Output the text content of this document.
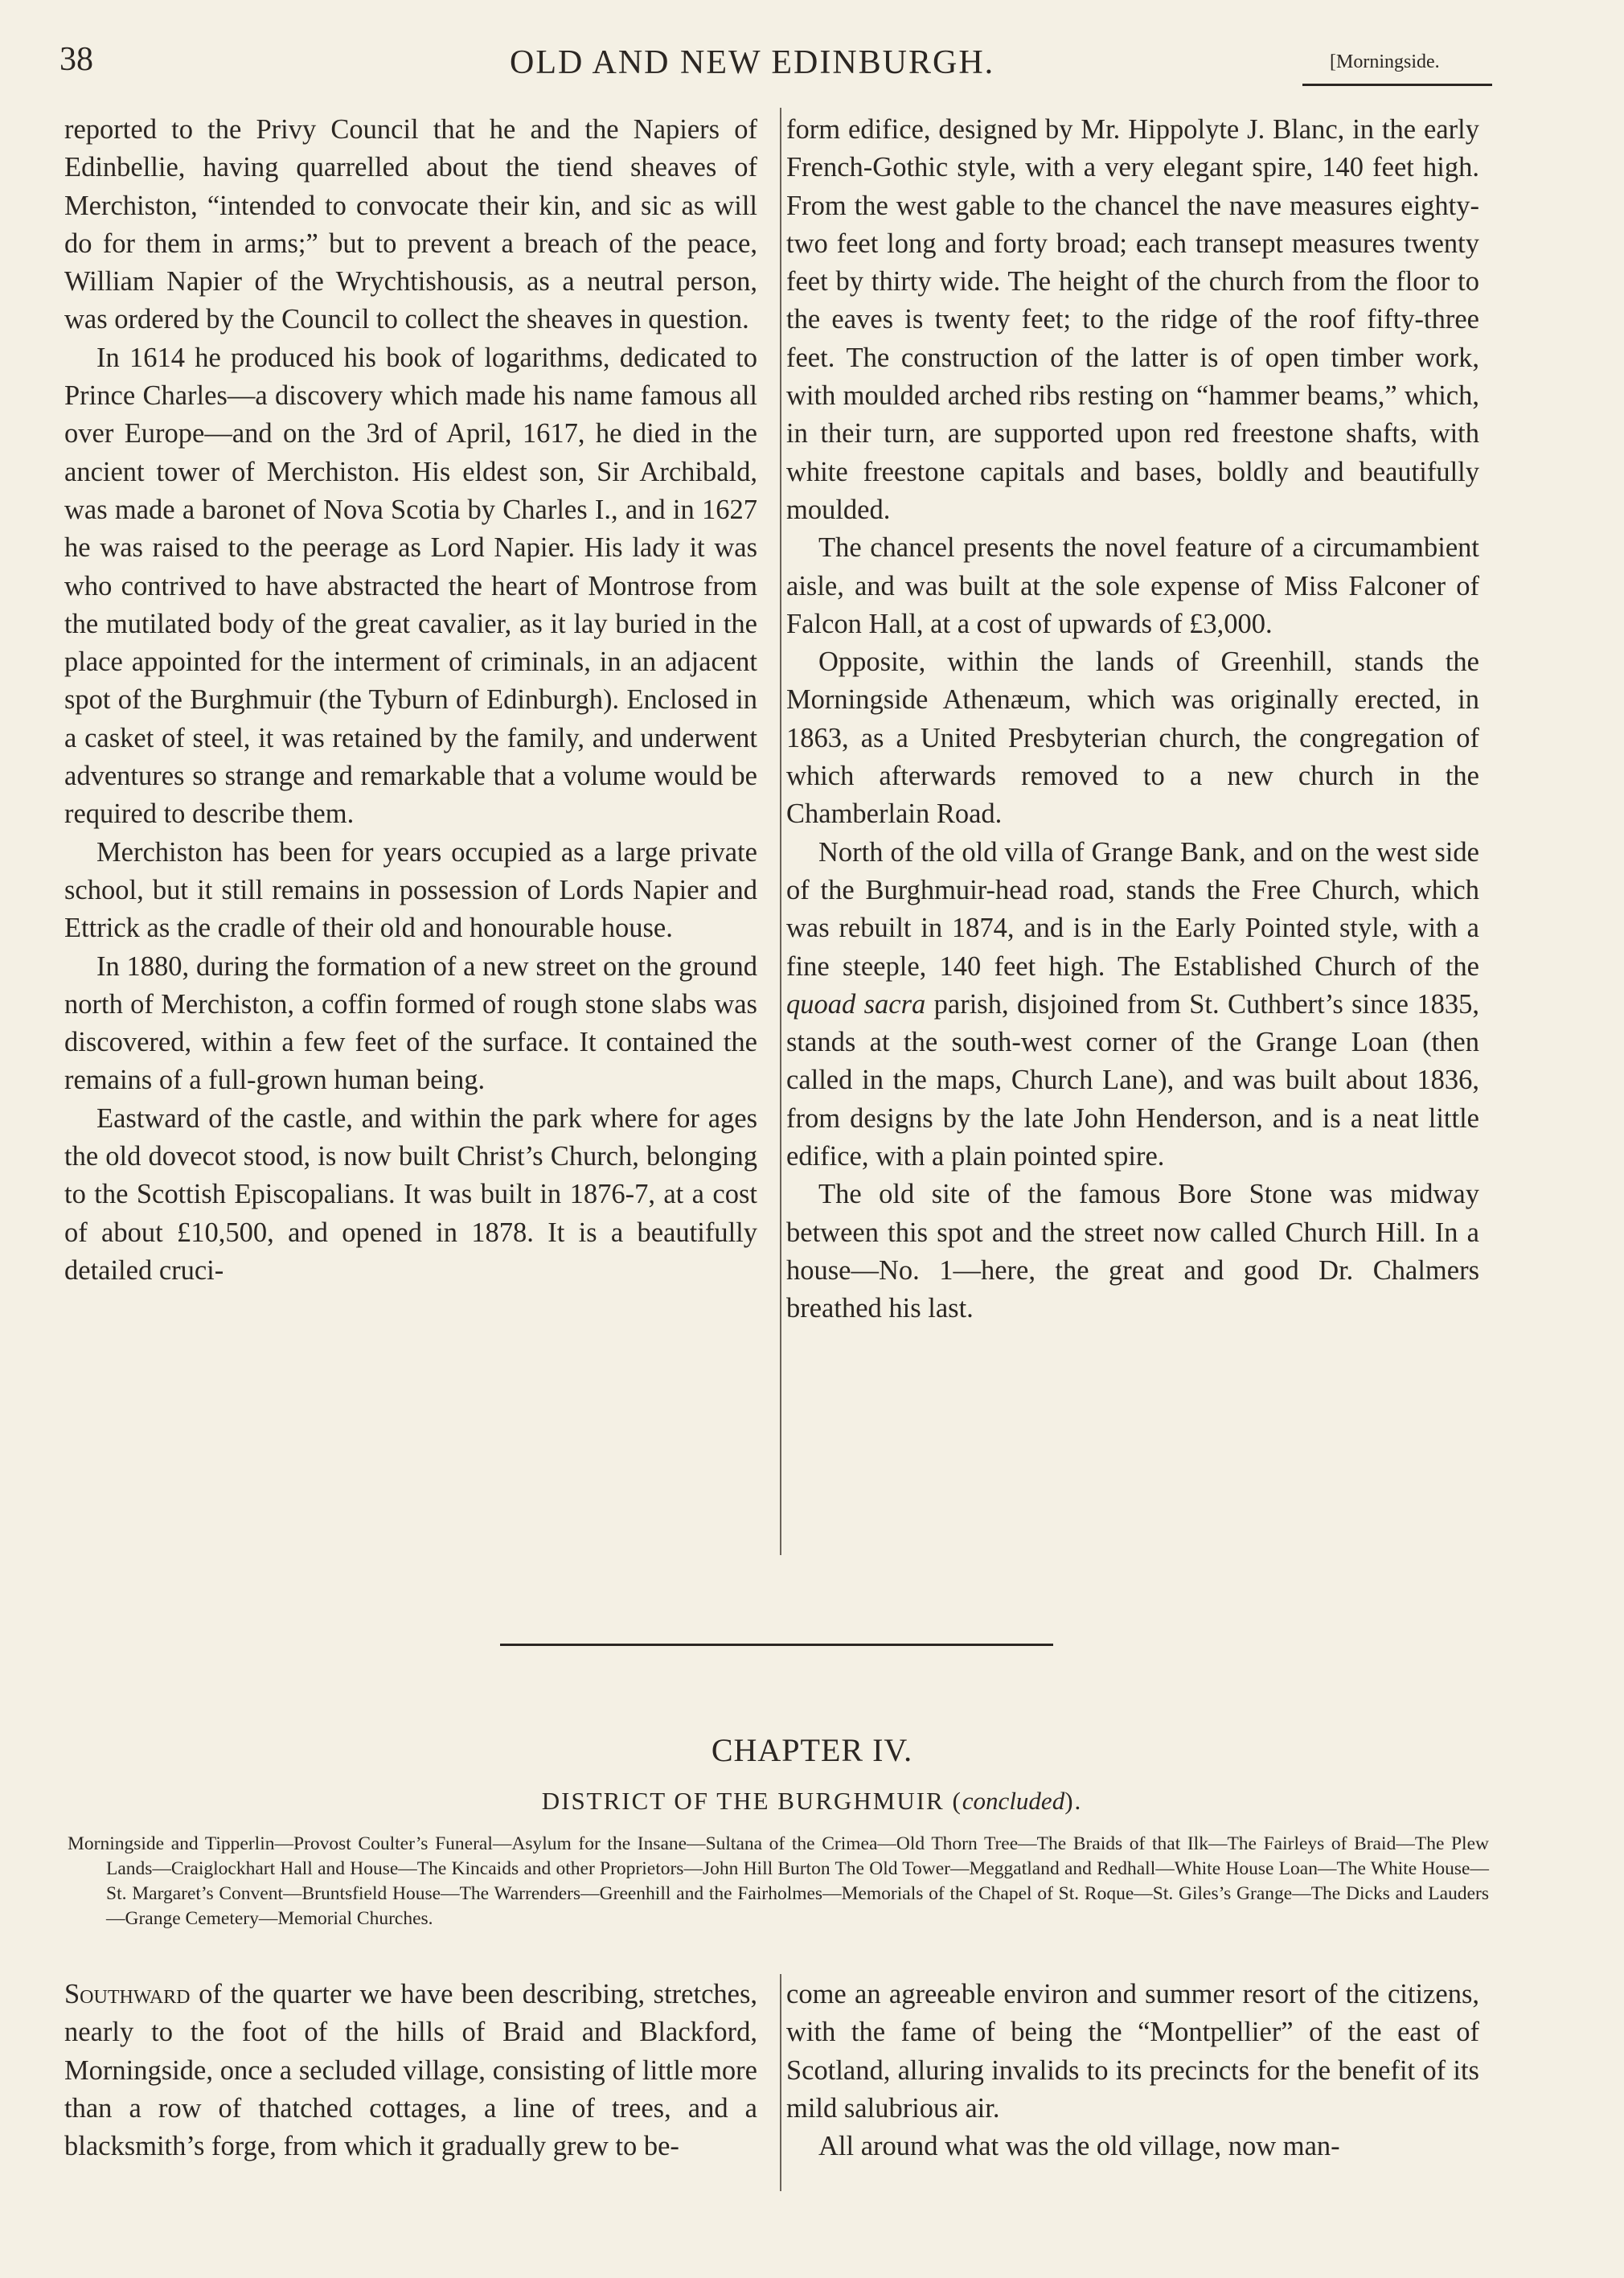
38	OLD AND NEW EDINBURGH.	[Morningside.

reported to the Privy Council that he and the Napiers of Edinbellie, having quarrelled about the tiend sheaves of Merchiston, “intended to convocate their kin, and sic as will do for them in arms;” but to prevent a breach of the peace, William Napier of the Wrychtishousis, as a neutral person, was ordered by the Council to collect the sheaves in question.

In 1614 he produced his book of logarithms, dedicated to Prince Charles—a discovery which made his name famous all over Europe—and on the 3rd of April, 1617, he died in the ancient tower of Merchiston. His eldest son, Sir Archibald, was made a baronet of Nova Scotia by Charles I., and in 1627 he was raised to the peerage as Lord Napier. His lady it was who contrived to have abstracted the heart of Montrose from the mutilated body of the great cavalier, as it lay buried in the place appointed for the interment of criminals, in an adjacent spot of the Burghmuir (the Tyburn of Edinburgh). Enclosed in a casket of steel, it was retained by the family, and underwent adventures so strange and remarkable that a volume would be required to describe them.

Merchiston has been for years occupied as a large private school, but it still remains in possession of Lords Napier and Ettrick as the cradle of their old and honourable house.

In 1880, during the formation of a new street on the ground north of Merchiston, a coffin formed of rough stone slabs was discovered, within a few feet of the surface. It contained the remains of a full-grown human being.

Eastward of the castle, and within the park where for ages the old dovecot stood, is now built Christ’s Church, belonging to the Scottish Episcopalians. It was built in 1876-7, at a cost of about £10,500, and opened in 1878. It is a beautifully detailed cruci-

form edifice, designed by Mr. Hippolyte J. Blanc, in the early French-Gothic style, with a very elegant spire, 140 feet high. From the west gable to the chancel the nave measures eighty-two feet long and forty broad; each transept measures twenty feet by thirty wide. The height of the church from the floor to the eaves is twenty feet; to the ridge of the roof fifty-three feet. The construction of the latter is of open timber work, with moulded arched ribs resting on “hammer beams,” which, in their turn, are supported upon red freestone shafts, with white freestone capitals and bases, boldly and beautifully moulded.

The chancel presents the novel feature of a circumambient aisle, and was built at the sole expense of Miss Falconer of Falcon Hall, at a cost of upwards of £3,000.

Opposite, within the lands of Greenhill, stands the Morningside Athenæum, which was originally erected, in 1863, as a United Presbyterian church, the congregation of which afterwards removed to a new church in the Chamberlain Road.

North of the old villa of Grange Bank, and on the west side of the Burghmuir-head road, stands the Free Church, which was rebuilt in 1874, and is in the Early Pointed style, with a fine steeple, 140 feet high. The Established Church of the quoad sacra parish, disjoined from St. Cuthbert’s since 1835, stands at the south-west corner of the Grange Loan (then called in the maps, Church Lane), and was built about 1836, from designs by the late John Henderson, and is a neat little edifice, with a plain pointed spire.

The old site of the famous Bore Stone was midway between this spot and the street now called Church Hill. In a house—No. 1—here, the great and good Dr. Chalmers breathed his last.

CHAPTER IV.
DISTRICT OF THE BURGHMUIR (concluded).
Morningside and Tipperlin—Provost Coulter’s Funeral—Asylum for the Insane—Sultana of the Crimea—Old Thorn Tree—The Braids of that Ilk—The Fairleys of Braid—The Plew Lands—Craiglockhart Hall and House—The Kincaids and other Proprietors—John Hill Burton The Old Tower—Meggatland and Redhall—White House Loan—The White House—St. Margaret’s Convent—Bruntsfield House—The Warrenders—Greenhill and the Fairholmes—Memorials of the Chapel of St. Roque—St. Giles’s Grange—The Dicks and Lauders—Grange Cemetery—Memorial Churches.

Southward of the quarter we have been describing, stretches, nearly to the foot of the hills of Braid and Blackford, Morningside, once a secluded village, consisting of little more than a row of thatched cottages, a line of trees, and a blacksmith’s forge, from which it gradually grew to be-

come an agreeable environ and summer resort of the citizens, with the fame of being the “Montpellier” of the east of Scotland, alluring invalids to its precincts for the benefit of its mild salubrious air.

All around what was the old village, now man-
